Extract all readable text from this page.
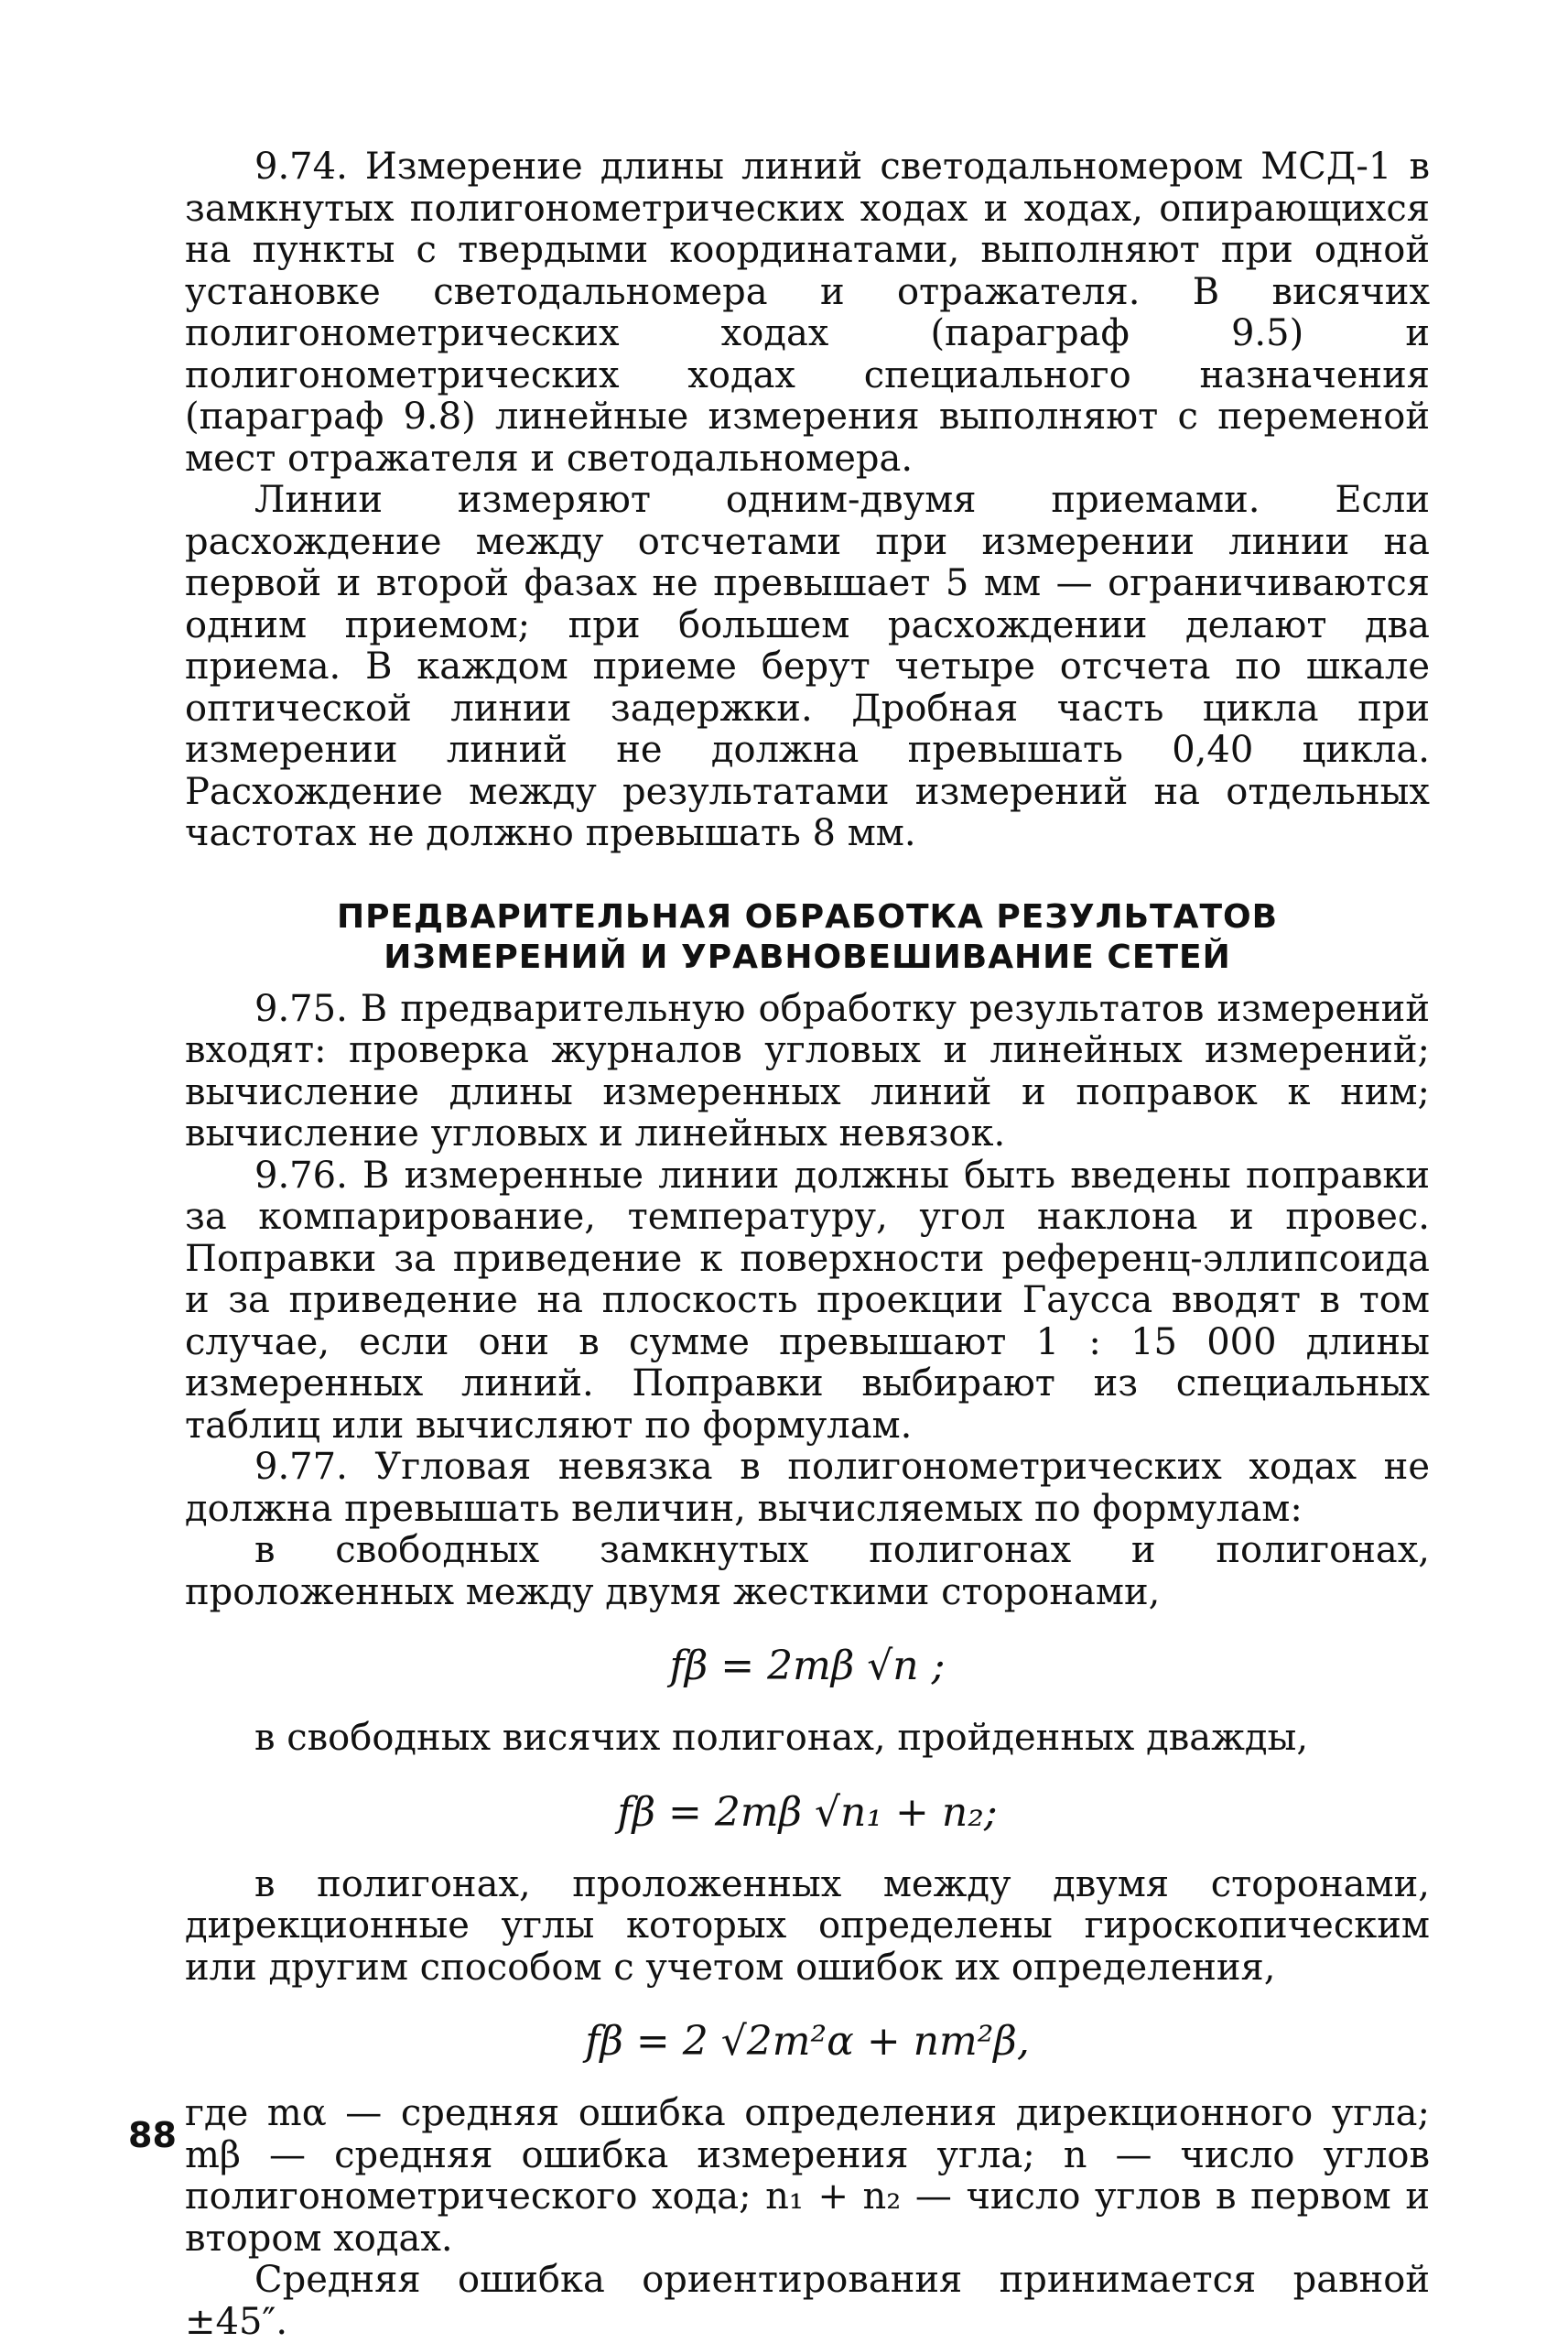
9.74. Измерение длины линий светодальномером МСД-1 в замкнутых полигонометрических ходах и ходах, опирающихся на пункты с твердыми координатами, выполняют при одной установке светодальномера и отражателя. В висячих полигонометрических ходах (параграф 9.5) и полигонометрических ходах специального назначения (параграф 9.8) линейные измерения выполняют с переменой мест отражателя и светодальномера.

Линии измеряют одним-двумя приемами. Если расхождение между отсчетами при измерении линии на первой и второй фазах не превышает 5 мм — ограничиваются одним приемом; при большем расхождении делают два приема. В каждом приеме берут четыре отсчета по шкале оптической линии задержки. Дробная часть цикла при измерении линий не должна превышать 0,40 цикла. Расхождение между результатами измерений на отдельных частотах не должно превышать 8 мм.

ПРЕДВАРИТЕЛЬНАЯ ОБРАБОТКА РЕЗУЛЬТАТОВ
ИЗМЕРЕНИЙ И УРАВНОВЕШИВАНИЕ СЕТЕЙ

9.75. В предварительную обработку результатов измерений входят: проверка журналов угловых и линейных измерений; вычисление длины измеренных линий и поправок к ним; вычисление угловых и линейных невязок.

9.76. В измеренные линии должны быть введены поправки за компарирование, температуру, угол наклона и провес. Поправки за приведение к поверхности референц-эллипсоида и за приведение на плоскость проекции Гаусса вводят в том случае, если они в сумме превышают 1 : 15 000 длины измеренных линий. Поправки выбирают из специальных таблиц или вычисляют по формулам.

9.77. Угловая невязка в полигонометрических ходах не должна превышать величин, вычисляемых по формулам:

в свободных замкнутых полигонах и полигонах, проложенных между двумя жесткими сторонами,

fβ = 2mβ √n ;

в свободных висячих полигонах, пройденных дважды,

fβ = 2mβ √n₁ + n₂;

в полигонах, проложенных между двумя сторонами, дирекционные углы которых определены гироскопическим или другим способом с учетом ошибок их определения,

fβ = 2 √2m²α + nm²β,

где mα — средняя ошибка определения дирекционного угла; mβ — средняя ошибка измерения угла; n — число углов полигонометрического хода; n₁ + n₂ — число углов в первом и втором ходах.

Средняя ошибка ориентирования принимается равной ±45″.

88
